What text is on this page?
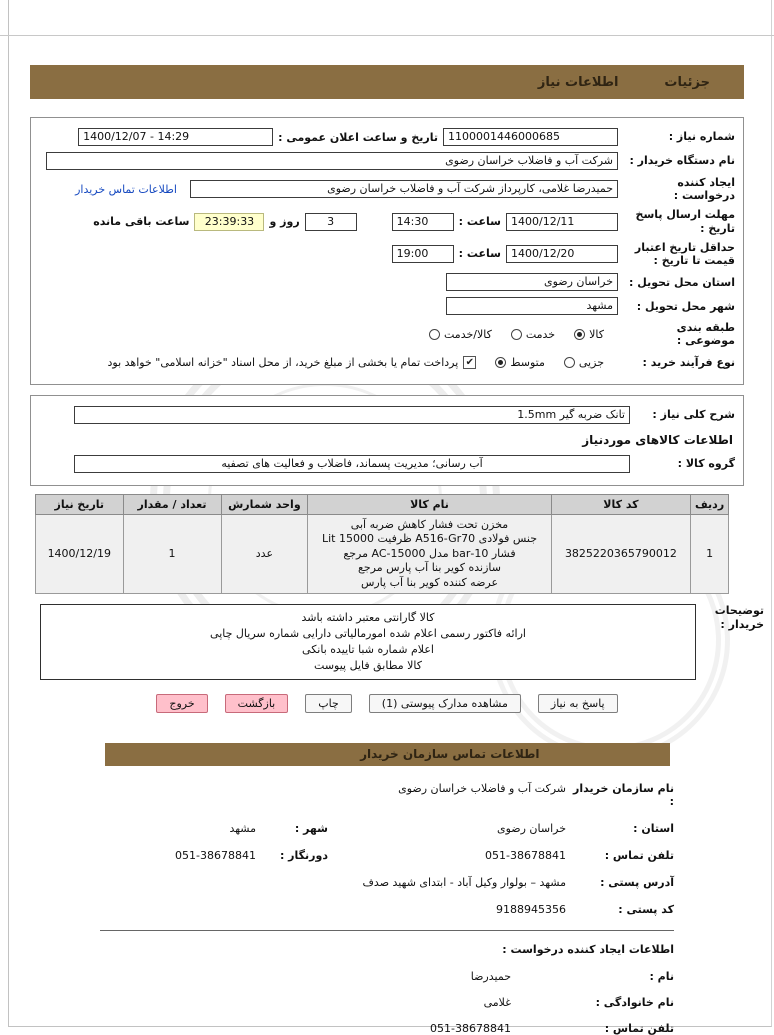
جزئیات
اطلاعات نیاز
شماره نیاز :
1100001446000685
تاریخ و ساعت اعلان عمومی :
1400/12/07 - 14:29
نام دستگاه خریدار :
شرکت آب و فاضلاب خراسان رضوی
ایجاد کننده
درخواست :
حمیدرضا غلامی، کارپرداز شرکت آب و فاضلاب خراسان رضوی
اطلاعات تماس خریدار
مهلت ارسال پاسخ
تاریخ :
1400/12/11
ساعت :
14:30
3
روز و
23:39:33
ساعت باقی مانده
حداقل تاریخ اعتبار
قیمت تا تاریخ :
1400/12/20
ساعت :
19:00
استان محل تحویل :
خراسان رضوی
شهر محل تحویل :
مشهد
طبقه بندی موضوعی :
کالا
خدمت
کالا/خدمت
نوع فرآیند خرید :
جزیی
متوسط
✔
پرداخت تمام یا بخشی از مبلغ خرید، از محل اسناد "خزانه اسلامی" خواهد بود
شرح کلی نیاز :
تانک ضربه گیر 1.5mm
اطلاعات کالاهای موردنیاز
گروه کالا :
آب رسانی؛ مدیریت پسماند، فاضلاب و فعالیت های تصفیه
ردیف	کد کالا	نام کالا	واحد شمارش	تعداد / مقدار	تاریخ نیاز
1	3825220365790012	مخزن تحت فشار کاهش ضربه آبی
جنس فولادی A516-Gr70 ظرفیت 15000 Lit
فشار 10-bar مدل AC-15000 مرجع
سازنده کویر بنا آب پارس مرجع
عرضه کننده کویر بنا آب پارس	عدد	1	1400/12/19
توضیحات
خریدار :
کالا گارانتی معتبر داشته باشد
ارائه فاکتور رسمی اعلام شده امورمالیاتی دارایی شماره سریال چاپی
اعلام شماره شبا تاییده بانکی
کالا مطابق فایل پیوست
پاسخ به نیاز
مشاهده مدارک پیوستی (1)
چاپ
بازگشت
خروج
اطلاعات تماس سازمان خریدار
نام سازمان خریدار :
شرکت آب و فاضلاب خراسان رضوی
استان :
خراسان رضوی
شهر :
مشهد
تلفن تماس :
051-38678841
دورنگار :
051-38678841
آدرس پستی :
مشهد – بولوار وکیل آباد - ابتدای شهید صدف
کد پستی :
9188945356
اطلاعات ایجاد کننده درخواست :
نام :
حمیدرضا
نام خانوادگی :
غلامی
تلفن تماس :
051-38678841
